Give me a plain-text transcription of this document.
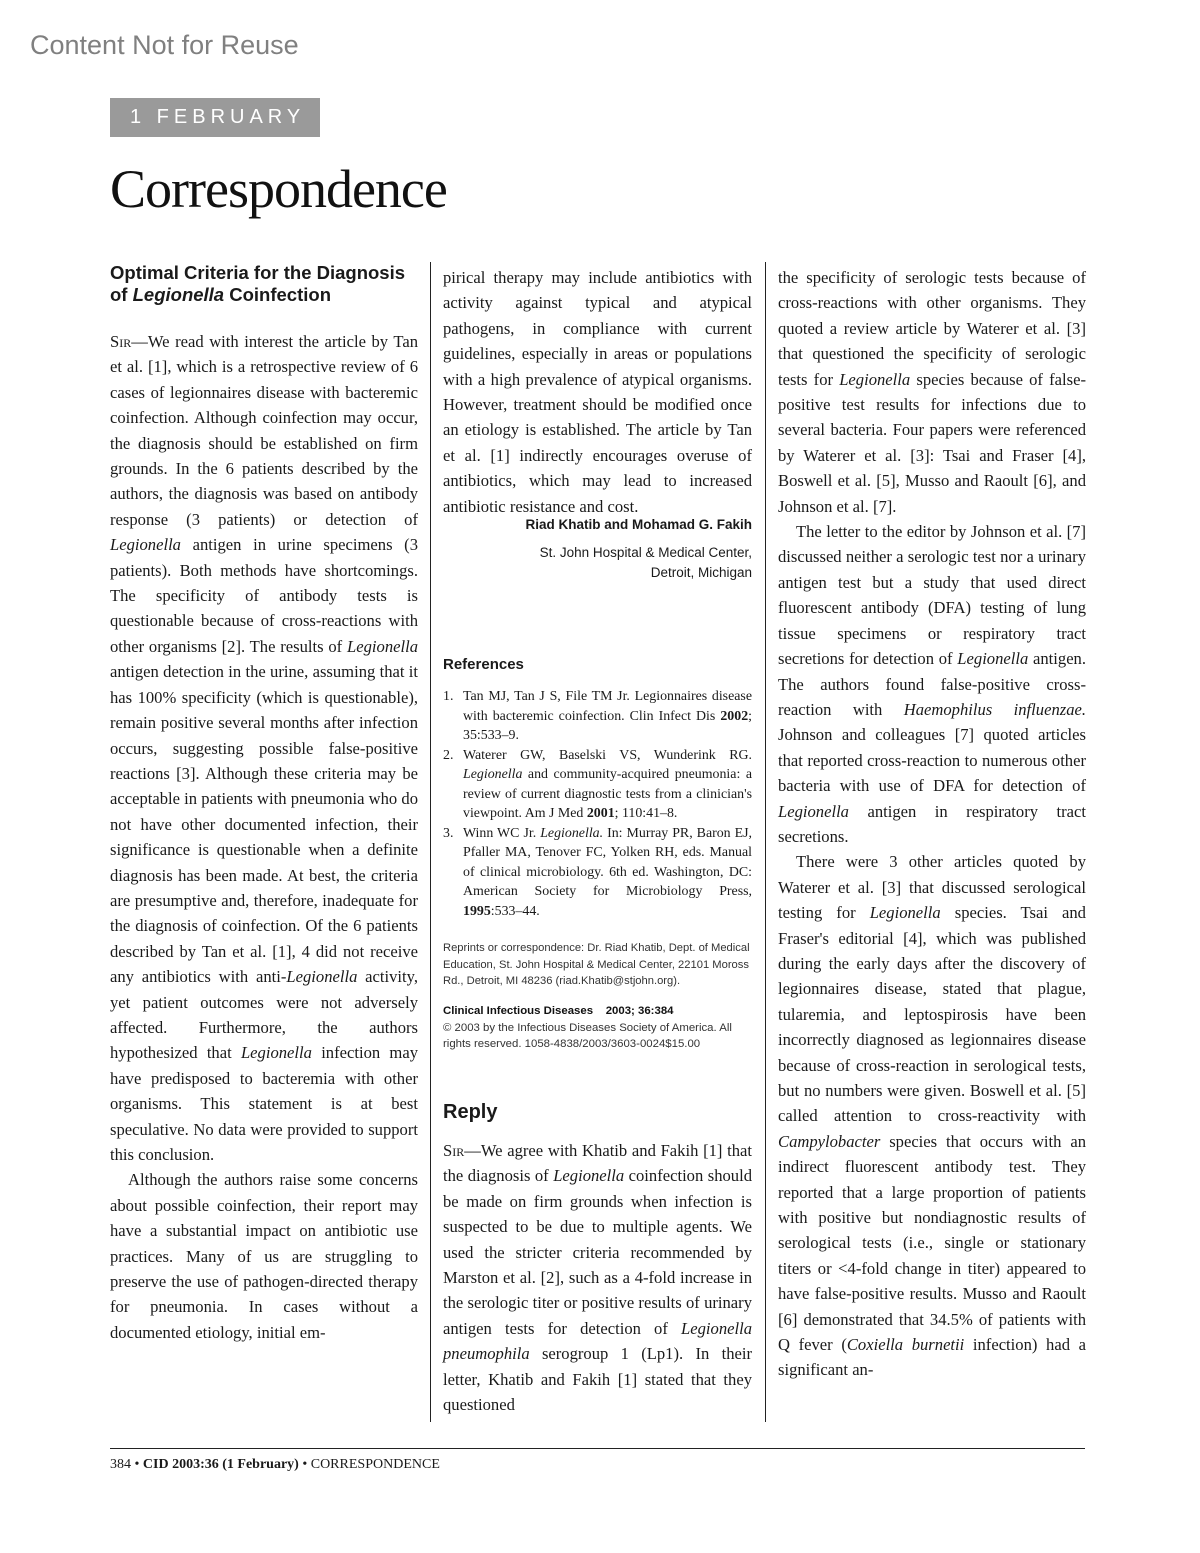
Content Not for Reuse
1 FEBRUARY
Correspondence
Optimal Criteria for the Diagnosis of Legionella Coinfection

Sir—We read with interest the article by Tan et al. [1], which is a retrospective review of 6 cases of legionnaires disease with bacteremic coinfection. Although coinfection may occur, the diagnosis should be established on firm grounds. In the 6 patients described by the authors, the diagnosis was based on antibody response (3 patients) or detection of Legionella antigen in urine specimens (3 patients). Both methods have shortcomings. The specificity of antibody tests is questionable because of cross-reactions with other organisms [2]. The results of Legionella antigen detection in the urine, assuming that it has 100% specificity (which is questionable), remain positive several months after infection occurs, suggesting possible false-positive reactions [3]. Although these criteria may be acceptable in patients with pneumonia who do not have other documented infection, their significance is questionable when a definite diagnosis has been made. At best, the criteria are presumptive and, therefore, inadequate for the diagnosis of coinfection. Of the 6 patients described by Tan et al. [1], 4 did not receive any antibiotics with anti-Legionella activity, yet patient outcomes were not adversely affected. Furthermore, the authors hypothesized that Legionella infection may have predisposed to bacteremia with other organisms. This statement is at best speculative. No data were provided to support this conclusion.

Although the authors raise some concerns about possible coinfection, their report may have a substantial impact on antibiotic use practices. Many of us are struggling to preserve the use of pathogen-directed therapy for pneumonia. In cases without a documented etiology, initial em-

pirical therapy may include antibiotics with activity against typical and atypical pathogens, in compliance with current guidelines, especially in areas or populations with a high prevalence of atypical organisms. However, treatment should be modified once an etiology is established. The article by Tan et al. [1] indirectly encourages overuse of antibiotics, which may lead to increased antibiotic resistance and cost.

Riad Khatib and Mohamad G. Fakih
St. John Hospital & Medical Center,
Detroit, Michigan
References
1. Tan MJ, Tan J S, File TM Jr. Legionnaires disease with bacteremic coinfection. Clin Infect Dis 2002; 35:533–9.
2. Waterer GW, Baselski VS, Wunderink RG. Legionella and community-acquired pneumonia: a review of current diagnostic tests from a clinician's viewpoint. Am J Med 2001; 110:41–8.
3. Winn WC Jr. Legionella. In: Murray PR, Baron EJ, Pfaller MA, Tenover FC, Yolken RH, eds. Manual of clinical microbiology. 6th ed. Washington, DC: American Society for Microbiology Press, 1995:533–44.
Reprints or correspondence: Dr. Riad Khatib, Dept. of Medical Education, St. John Hospital & Medical Center, 22101 Moross Rd., Detroit, MI 48236 (riad.Khatib@stjohn.org).
Clinical Infectious Diseases 2003; 36:384
© 2003 by the Infectious Diseases Society of America. All rights reserved. 1058-4838/2003/3603-0024$15.00
Reply

Sir—We agree with Khatib and Fakih [1] that the diagnosis of Legionella coinfection should be made on firm grounds when infection is suspected to be due to multiple agents. We used the stricter criteria recommended by Marston et al. [2], such as a 4-fold increase in the serologic titer or positive results of urinary antigen tests for detection of Legionella pneumophila serogroup 1 (Lp1). In their letter, Khatib and Fakih [1] stated that they questioned

the specificity of serologic tests because of cross-reactions with other organisms. They quoted a review article by Waterer et al. [3] that questioned the specificity of serologic tests for Legionella species because of false-positive test results for infections due to several bacteria. Four papers were referenced by Waterer et al. [3]: Tsai and Fraser [4], Boswell et al. [5], Musso and Raoult [6], and Johnson et al. [7].

The letter to the editor by Johnson et al. [7] discussed neither a serologic test nor a urinary antigen test but a study that used direct fluorescent antibody (DFA) testing of lung tissue specimens or respiratory tract secretions for detection of Legionella antigen. The authors found false-positive cross-reaction with Haemophilus influenzae. Johnson and colleagues [7] quoted articles that reported cross-reaction to numerous other bacteria with use of DFA for detection of Legionella antigen in respiratory tract secretions.

There were 3 other articles quoted by Waterer et al. [3] that discussed serological testing for Legionella species. Tsai and Fraser's editorial [4], which was published during the early days after the discovery of legionnaires disease, stated that plague, tularemia, and leptospirosis have been incorrectly diagnosed as legionnaires disease because of cross-reaction in serological tests, but no numbers were given. Boswell et al. [5] called attention to cross-reactivity with Campylobacter species that occurs with an indirect fluorescent antibody test. They reported that a large proportion of patients with positive but nondiagnostic results of serological tests (i.e., single or stationary titers or <4-fold change in titer) appeared to have false-positive results. Musso and Raoult [6] demonstrated that 34.5% of patients with Q fever (Coxiella burnetii infection) had a significant an-

384 • CID 2003:36 (1 February) • CORRESPONDENCE
